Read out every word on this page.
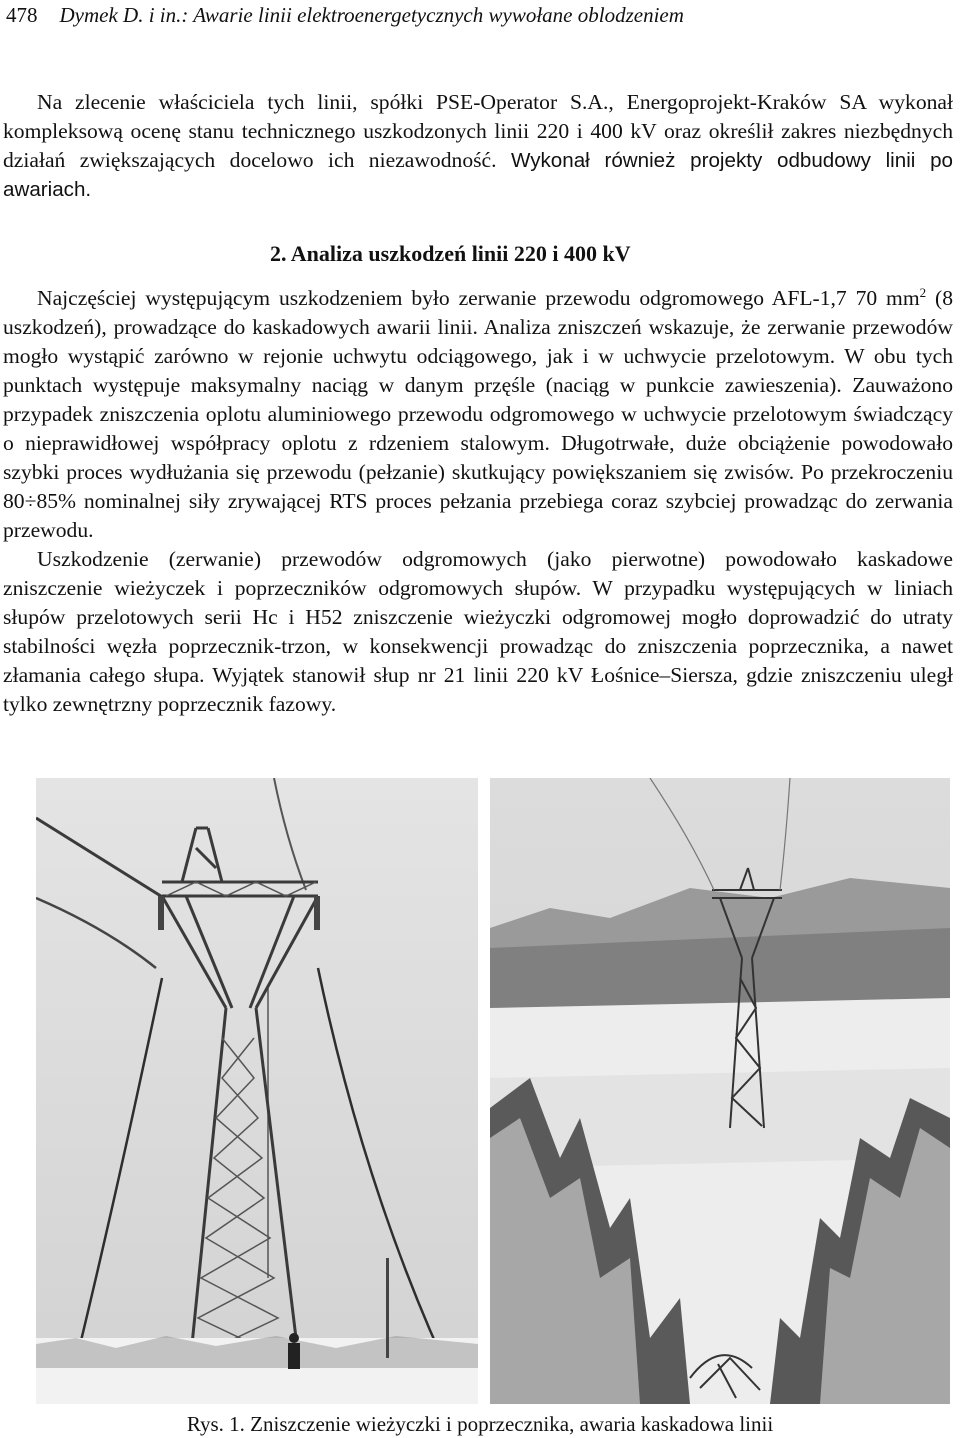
478 Dymek D. i in.: Awarie linii elektroenergetycznych wywołane oblodzeniem

Na zlecenie właściciela tych linii, spółki PSE-Operator S.A., Energoprojekt-Kraków SA wykonał kompleksową ocenę stanu technicznego uszkodzonych linii 220 i 400 kV oraz określił zakres niezbędnych działań zwiększających docelowo ich niezawodność. Wykonał również projekty odbudowy linii po awariach.

2. Analiza uszkodzeń linii 220 i 400 kV

Najczęściej występującym uszkodzeniem było zerwanie przewodu odgromowego AFL-1,7 70 $mm^2$ (8 uszkodzeń), prowadzące do kaskadowych awarii linii. Analiza zniszczeń wskazuje, że zerwanie przewodów mogło wystąpić zarówno w rejonie uchwytu odciągowego, jak i w uchwycie przelotowym. W obu tych punktach występuje maksymalny naciąg w danym przęśle (naciąg w punkcie zawieszenia). Zauważono przypadek zniszczenia oplotu aluminiowego przewodu odgromowego w uchwycie przelotowym świadczący o nieprawidłowej współpracy oplotu z rdzeniem stalowym. Długotrwałe, duże obciążenie powodowało szybki proces wydłużania się przewodu (pełzanie) skutkujący powiększaniem się zwisów. Po przekroczeniu 80÷85% nominalnej siły zrywającej RTS proces pełzania przebiega coraz szybciej prowadząc do zerwania przewodu.

Uszkodzenie (zerwanie) przewodów odgromowych (jako pierwotne) powodowało kaskadowe zniszczenie wieżyczek i poprzeczników odgromowych słupów. W przypadku występujących w liniach słupów przelotowych serii Hc i H52 zniszczenie wieżyczki odgromowej mogło doprowadzić do utraty stabilności węzła poprzecznik-trzon, w konsekwencji prowadząc do zniszczenia poprzecznika, a nawet złamania całego słupa. Wyjątek stanowił słup nr 21 linii 220 kV Łośnice–Siersza, gdzie zniszczeniu uległ tylko zewnętrzny poprzecznik fazowy.

Rys. 1. Zniszczenie wieżyczki i poprzecznika, awaria kaskadowa linii
